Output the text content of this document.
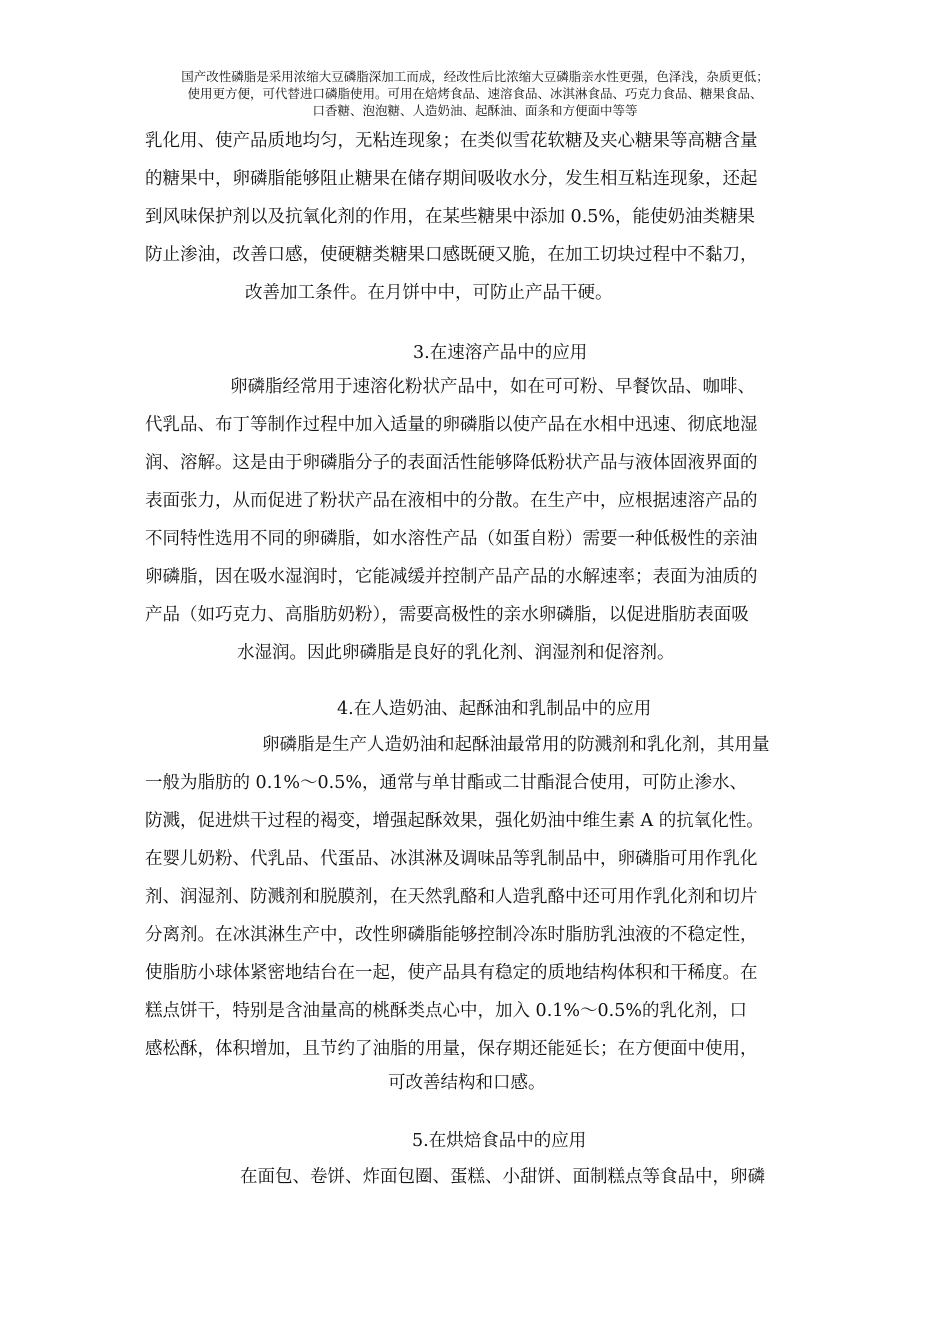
国产改性磷脂是采用浓缩大豆磷脂深加工而成，经改性后比浓缩大豆磷脂亲水性更强，色泽浅，杂质更低；
使用更方便，可代替进口磷脂使用。可用在焙烤食品、速溶食品、冰淇淋食品、巧克力食品、糖果食品、
口香糖、泡泡糖、人造奶油、起酥油、面条和方便面中等等
乳化用、使产品质地均匀，无粘连现象；在类似雪花软糖及夹心糖果等高糖含量
的糖果中，卵磷脂能够阻止糖果在储存期间吸收水分，发生相互粘连现象，还起
到风味保护剂以及抗氧化剂的作用，在某些糖果中添加 0.5%，能使奶油类糖果
防止渗油，改善口感，使硬糖类糖果口感既硬又脆，在加工切块过程中不黏刀，
改善加工条件。在月饼中中，可防止产品干硬。
3.在速溶产品中的应用
卵磷脂经常用于速溶化粉状产品中，如在可可粉、早餐饮品、咖啡、
代乳品、布丁等制作过程中加入适量的卵磷脂以使产品在水相中迅速、彻底地湿
润、溶解。这是由于卵磷脂分子的表面活性能够降低粉状产品与液体固液界面的
表面张力，从而促进了粉状产品在液相中的分散。在生产中，应根据速溶产品的
不同特性选用不同的卵磷脂，如水溶性产品（如蛋自粉）需要一种低极性的亲油
卵磷脂，因在吸水湿润时，它能减缓并控制产品产品的水解速率；表面为油质的
产品（如巧克力、高脂肪奶粉），需要高极性的亲水卵磷脂，以促进脂肪表面吸
水湿润。因此卵磷脂是良好的乳化剂、润湿剂和促溶剂。
4.在人造奶油、起酥油和乳制品中的应用
卵磷脂是生产人造奶油和起酥油最常用的防溅剂和乳化剂，其用量
一般为脂肪的 0.1%～0.5%，通常与单甘酯或二甘酯混合使用，可防止渗水、
防溅，促进烘干过程的褐变，增强起酥效果，强化奶油中维生素 A 的抗氧化性。
在婴儿奶粉、代乳品、代蛋品、冰淇淋及调味品等乳制品中，卵磷脂可用作乳化
剂、润湿剂、防溅剂和脱膜剂，在天然乳酪和人造乳酪中还可用作乳化剂和切片
分离剂。在冰淇淋生产中，改性卵磷脂能够控制冷冻时脂肪乳浊液的不稳定性，
使脂肪小球体紧密地结台在一起，使产品具有稳定的质地结构体积和干稀度。在
糕点饼干，特别是含油量高的桃酥类点心中，加入 0.1%～0.5%的乳化剂，口
感松酥，体积增加，且节约了油脂的用量，保存期还能延长；在方便面中使用，
可改善结构和口感。
5.在烘焙食品中的应用
在面包、卷饼、炸面包圈、蛋糕、小甜饼、面制糕点等食品中，卵磷
